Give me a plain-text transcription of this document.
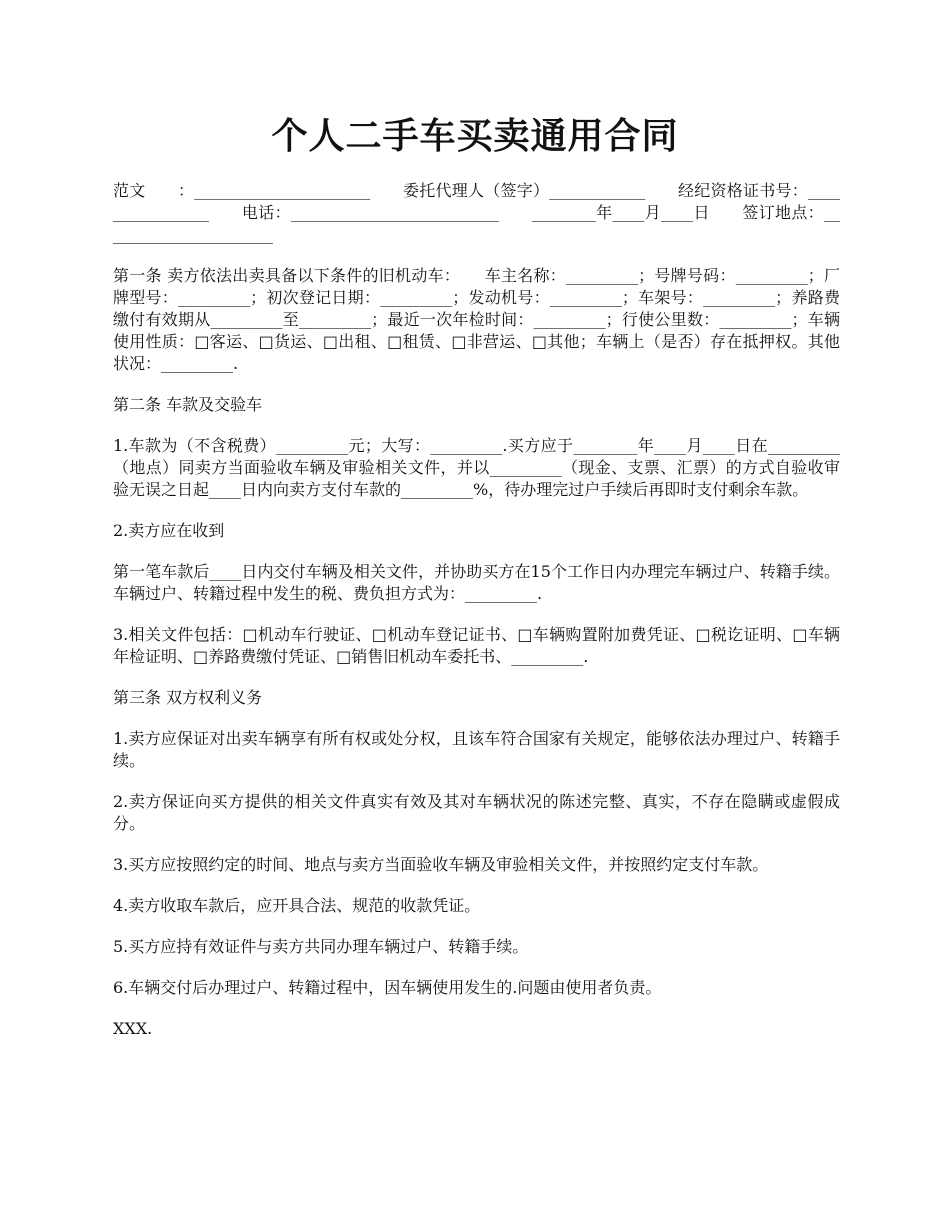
个人二手车买卖通用合同

范文　　：______________________　　委托代理人（签字）____________　　经纪资格证书号：________________　　电话：__________________________　　________年____月____日　　签订地点：______________________

第一条 卖方依法出卖具备以下条件的旧机动车：　　车主名称：_________；号牌号码：_________；厂牌型号：_________；初次登记日期：_________；发动机号：_________；车架号：_________；养路费缴付有效期从_________至_________；最近一次年检时间：_________；行使公里数：_________；车辆使用性质：□客运、□货运、□出租、□租赁、□非营运、□其他；车辆上（是否）存在抵押权。其他状况：_________.

第二条 车款及交验车

1.车款为（不含税费）_________元；大写：_________.买方应于________年____月____日在_________（地点）同卖方当面验收车辆及审验相关文件，并以_________（现金、支票、汇票）的方式自验收审验无误之日起____日内向卖方支付车款的_________%，待办理完过户手续后再即时支付剩余车款。

2.卖方应在收到

第一笔车款后____日内交付车辆及相关文件，并协助买方在15个工作日内办理完车辆过户、转籍手续。车辆过户、转籍过程中发生的税、费负担方式为：_________.

3.相关文件包括：□机动车行驶证、□机动车登记证书、□车辆购置附加费凭证、□税讫证明、□车辆年检证明、□养路费缴付凭证、□销售旧机动车委托书、_________.

第三条 双方权利义务

1.卖方应保证对出卖车辆享有所有权或处分权，且该车符合国家有关规定，能够依法办理过户、转籍手续。

2.卖方保证向买方提供的相关文件真实有效及其对车辆状况的陈述完整、真实，不存在隐瞒或虚假成分。

3.买方应按照约定的时间、地点与卖方当面验收车辆及审验相关文件，并按照约定支付车款。

4.卖方收取车款后，应开具合法、规范的收款凭证。

5.买方应持有效证件与卖方共同办理车辆过户、转籍手续。

6.车辆交付后办理过户、转籍过程中，因车辆使用发生的.问题由使用者负责。

XXX.
